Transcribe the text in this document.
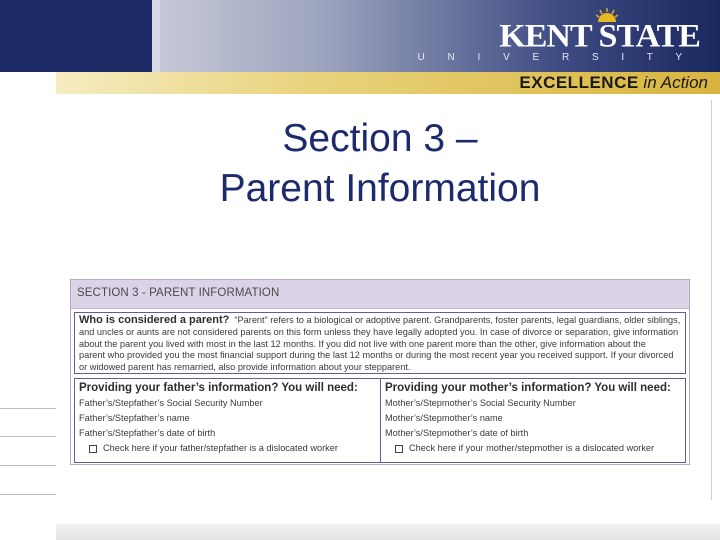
KENT STATE
U N I V E R S I T Y
EXCELLENCE in Action
Section 3 –
Parent Information
SECTION 3 - PARENT INFORMATION

Who is considered a parent? “Parent” refers to a biological or adoptive parent. Grandparents, foster parents, legal guardians, older siblings,

and uncles or aunts are not considered parents on this form unless they have legally adopted you. In case of divorce or separation, give information

about the parent you lived with most in the last 12 months. If you did not live with one parent more than the other, give information about the

parent who provided you the most financial support during the last 12 months or during the most recent year you received support. If your divorced

or widowed parent has remarried, also provide information about your stepparent.

Providing your father’s information? You will need:
Father’s/Stepfather’s Social Security Number
Father’s/Stepfather’s name
Father’s/Stepfather’s date of birth
Check here if your father/stepfather is a dislocated worker
Providing your mother’s information? You will need:
Mother’s/Stepmother’s Social Security Number
Mother’s/Stepmother’s name
Mother’s/Stepmother’s date of birth
Check here if your mother/stepmother is a dislocated worker
